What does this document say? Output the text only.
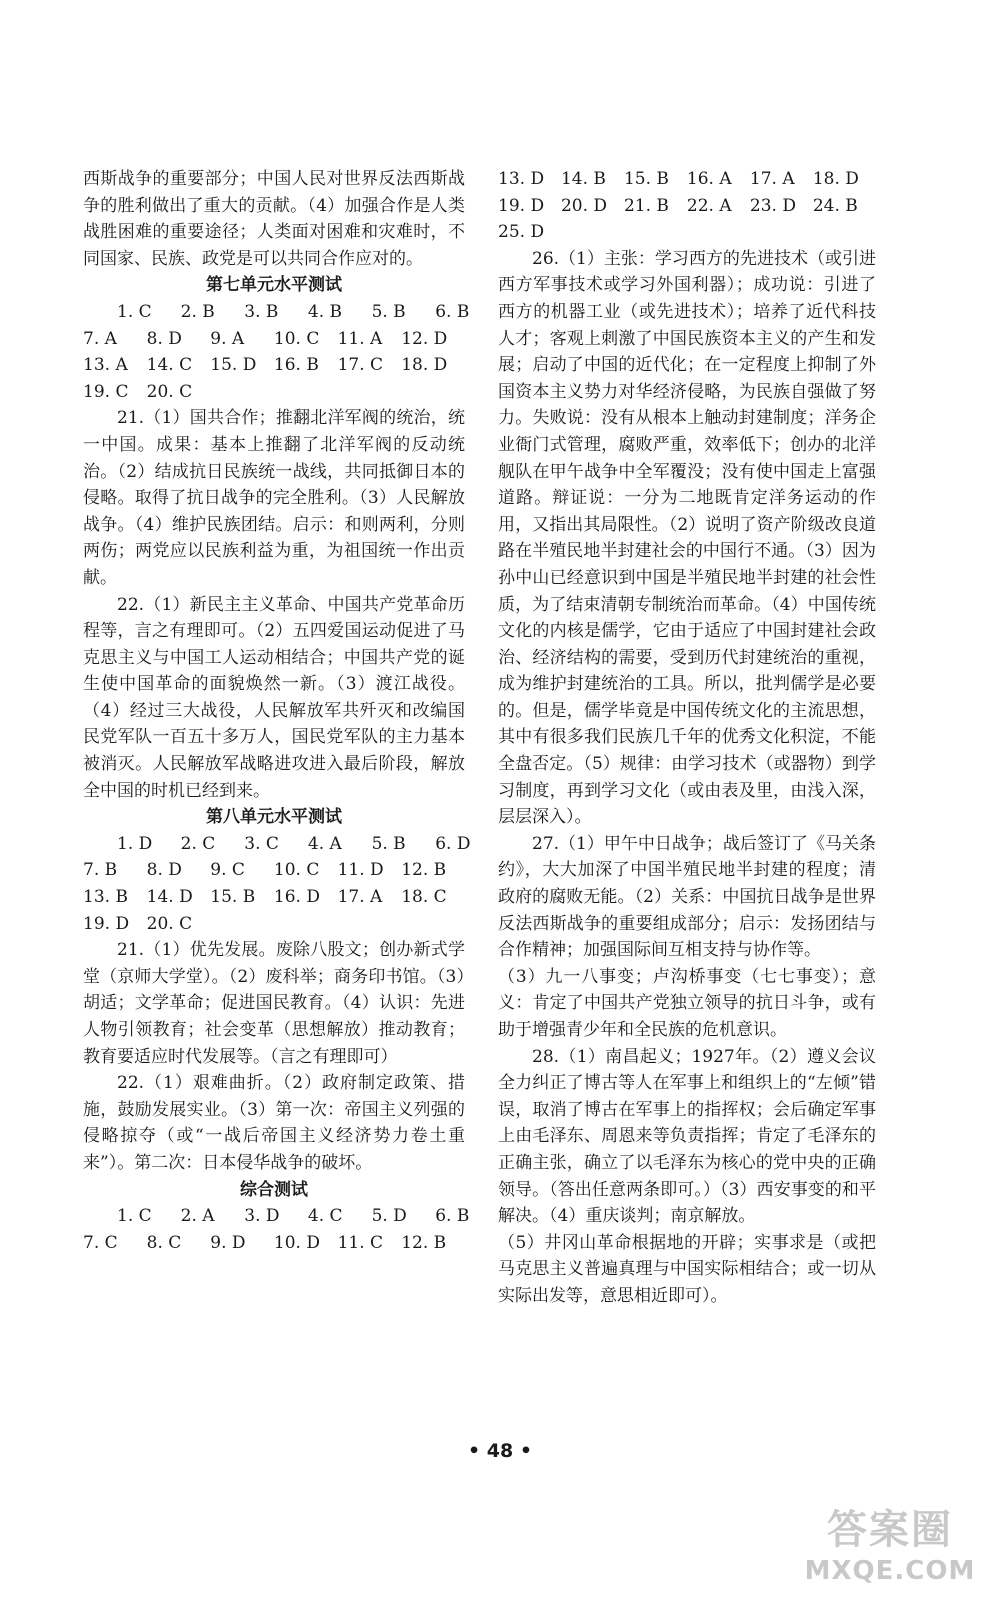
西斯战争的重要部分；中国人民对世界反法西斯战争的胜利做出了重大的贡献。（4）加强合作是人类战胜困难的重要途径；人类面对困难和灾难时，不同国家、民族、政党是可以共同合作应对的。

第七单元水平测试

1. C	2. B	3. B	4. B	5. B	6. B
7. A	8. D	9. A	10. C	11. A	12. D
13. A	14. C	15. D	16. B	17. C	18. D
19. C	20. C

21.（1）国共合作；推翻北洋军阀的统治，统一中国。成果：基本上推翻了北洋军阀的反动统治。（2）结成抗日民族统一战线，共同抵御日本的侵略。取得了抗日战争的完全胜利。（3）人民解放战争。（4）维护民族团结。启示：和则两利，分则两伤；两党应以民族利益为重，为祖国统一作出贡献。

22.（1）新民主主义革命、中国共产党革命历程等，言之有理即可。（2）五四爱国运动促进了马克思主义与中国工人运动相结合；中国共产党的诞生使中国革命的面貌焕然一新。（3）渡江战役。（4）经过三大战役，人民解放军共歼灭和改编国民党军队一百五十多万人，国民党军队的主力基本被消灭。人民解放军战略进攻进入最后阶段，解放全中国的时机已经到来。

第八单元水平测试

1. D	2. C	3. C	4. A	5. B	6. D
7. B	8. D	9. C	10. C	11. D	12. B
13. B	14. D	15. B	16. D	17. A	18. C
19. D	20. C

21.（1）优先发展。废除八股文；创办新式学堂（京师大学堂）。（2）废科举；商务印书馆。（3）胡适；文学革命；促进国民教育。（4）认识：先进人物引领教育；社会变革（思想解放）推动教育；教育要适应时代发展等。（言之有理即可）

22.（1）艰难曲折。（2）政府制定政策、措施，鼓励发展实业。（3）第一次：帝国主义列强的侵略掠夺（或“一战后帝国主义经济势力卷土重来”）。第二次：日本侵华战争的破坏。

综合测试

1. C	2. A	3. D	4. C	5. D	6. B
7. C	8. C	9. D	10. D	11. C	12. B
13. D 14. B	15. B	16. A	17. A	18. D
19. D 20. D 21. B	22. A	23. D 24. B
25. D

26.（1）主张：学习西方的先进技术（或引进西方军事技术或学习外国利器）；成功说：引进了西方的机器工业（或先进技术）；培养了近代科技人才；客观上刺激了中国民族资本主义的产生和发展；启动了中国的近代化；在一定程度上抑制了外国资本主义势力对华经济侵略，为民族自强做了努力。失败说：没有从根本上触动封建制度；洋务企业衙门式管理，腐败严重，效率低下；创办的北洋舰队在甲午战争中全军覆没；没有使中国走上富强道路。辩证说：一分为二地既肯定洋务运动的作用，又指出其局限性。（2）说明了资产阶级改良道路在半殖民地半封建社会的中国行不通。（3）因为孙中山已经意识到中国是半殖民地半封建的社会性质，为了结束清朝专制统治而革命。（4）中国传统文化的内核是儒学，它由于适应了中国封建社会政治、经济结构的需要，受到历代封建统治的重视，成为维护封建统治的工具。所以，批判儒学是必要的。但是，儒学毕竟是中国传统文化的主流思想，其中有很多我们民族几千年的优秀文化积淀，不能全盘否定。（5）规律：由学习技术（或器物）到学习制度，再到学习文化（或由表及里，由浅入深，层层深入）。

27.（1）甲午中日战争；战后签订了《马关条约》，大大加深了中国半殖民地半封建的程度；清政府的腐败无能。（2）关系：中国抗日战争是世界反法西斯战争的重要组成部分；启示：发扬团结与合作精神；加强国际间互相支持与协作等。

（3）九一八事变；卢沟桥事变（七七事变）；意义：肯定了中国共产党独立领导的抗日斗争，或有助于增强青少年和全民族的危机意识。

28.（1）南昌起义；1927年。（2）遵义会议全力纠正了博古等人在军事上和组织上的“左倾”错误，取消了博古在军事上的指挥权；会后确定军事上由毛泽东、周恩来等负责指挥；肯定了毛泽东的正确主张，确立了以毛泽东为核心的党中央的正确领导。（答出任意两条即可。）（3）西安事变的和平解决。（4）重庆谈判；南京解放。

（5）井冈山革命根据地的开辟；实事求是（或把马克思主义普遍真理与中国实际相结合；或一切从实际出发等，意思相近即可）。

• 48 •
答案圈
MXQE.COM
